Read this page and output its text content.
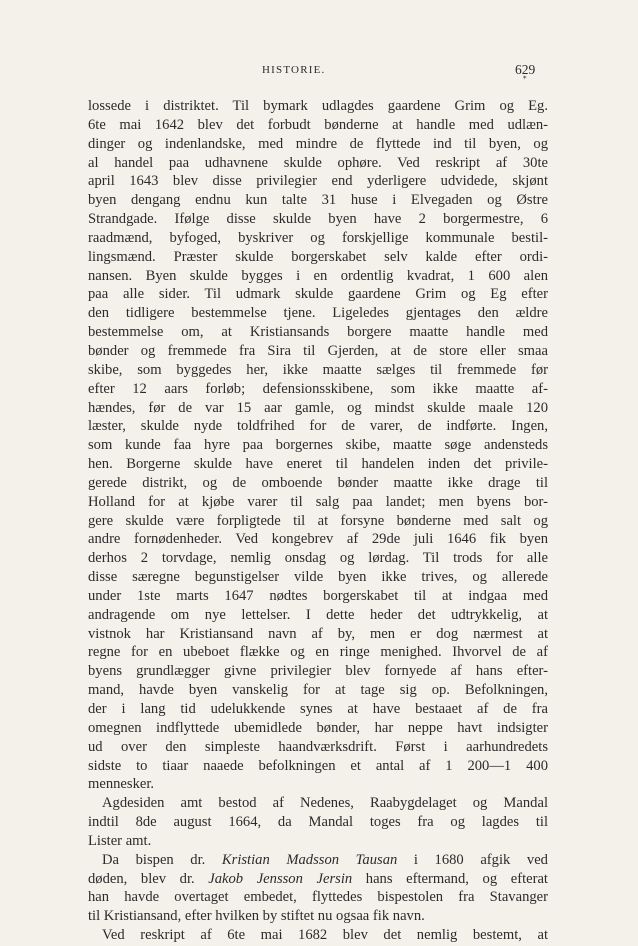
HISTORIE.	629
*
lossede i distriktet. Til bymark udlagdes gaardene Grim og Eg.
6te mai 1642 blev det forbudt bønderne at handle med udlæn-
dinger og indenlandske, med mindre de flyttede ind til byen, og
al handel paa udhavnene skulde ophøre. Ved reskript af 30te
april 1643 blev disse privilegier end yderligere udvidede, skjønt
byen dengang endnu kun talte 31 huse i Elvegaden og Østre
Strandgade. Ifølge disse skulde byen have 2 borgermestre, 6
raadmænd, byfoged, byskriver og forskjellige kommunale bestil-
lingsmænd. Præster skulde borgerskabet selv kalde efter ordi-
nansen. Byen skulde bygges i en ordentlig kvadrat, 1 600 alen
paa alle sider. Til udmark skulde gaardene Grim og Eg efter
den tidligere bestemmelse tjene. Ligeledes gjentages den ældre
bestemmelse om, at Kristiansands borgere maatte handle med
bønder og fremmede fra Sira til Gjerden, at de store eller smaa
skibe, som byggedes her, ikke maatte sælges til fremmede før
efter 12 aars forløb; defensionsskibene, som ikke maatte af-
hændes, før de var 15 aar gamle, og mindst skulde maale 120
læster, skulde nyde toldfrihed for de varer, de indførte. Ingen,
som kunde faa hyre paa borgernes skibe, maatte søge andensteds
hen. Borgerne skulde have eneret til handelen inden det privile-
gerede distrikt, og de omboende bønder maatte ikke drage til
Holland for at kjøbe varer til salg paa landet; men byens bor-
gere skulde være forpligtede til at forsyne bønderne med salt og
andre fornødenheder. Ved kongebrev af 29de juli 1646 fik byen
derhos 2 torvdage, nemlig onsdag og lørdag. Til trods for alle
disse særegne begunstigelser vilde byen ikke trives, og allerede
under 1ste marts 1647 nødtes borgerskabet til at indgaa med
andragende om nye lettelser. I dette heder det udtrykkelig, at
vistnok har Kristiansand navn af by, men er dog nærmest at
regne for en ubeboet flække og en ringe menighed. Ihvorvel de af
byens grundlægger givne privilegier blev fornyede af hans efter-
mand, havde byen vanskelig for at tage sig op. Befolkningen,
der i lang tid udelukkende synes at have bestaaet af de fra
omegnen indflyttede ubemidlede bønder, har neppe havt indsigter
ud over den simpleste haandværksdrift. Først i aarhundredets
sidste to tiaar naaede befolkningen et antal af 1 200—1 400
mennesker.
Agdesiden amt bestod af Nedenes, Raabygdelaget og Mandal
indtil 8de august 1664, da Mandal toges fra og lagdes til
Lister amt.
Da bispen dr. Kristian Madsson Tausan i 1680 afgik ved
døden, blev dr. Jakob Jensson Jersin hans eftermand, og efterat
han havde overtaget embedet, flyttedes bispestolen fra Stavanger
til Kristiansand, efter hvilken by stiftet nu ogsaa fik navn.
Ved reskript af 6te mai 1682 blev det nemlig bestemt, at
